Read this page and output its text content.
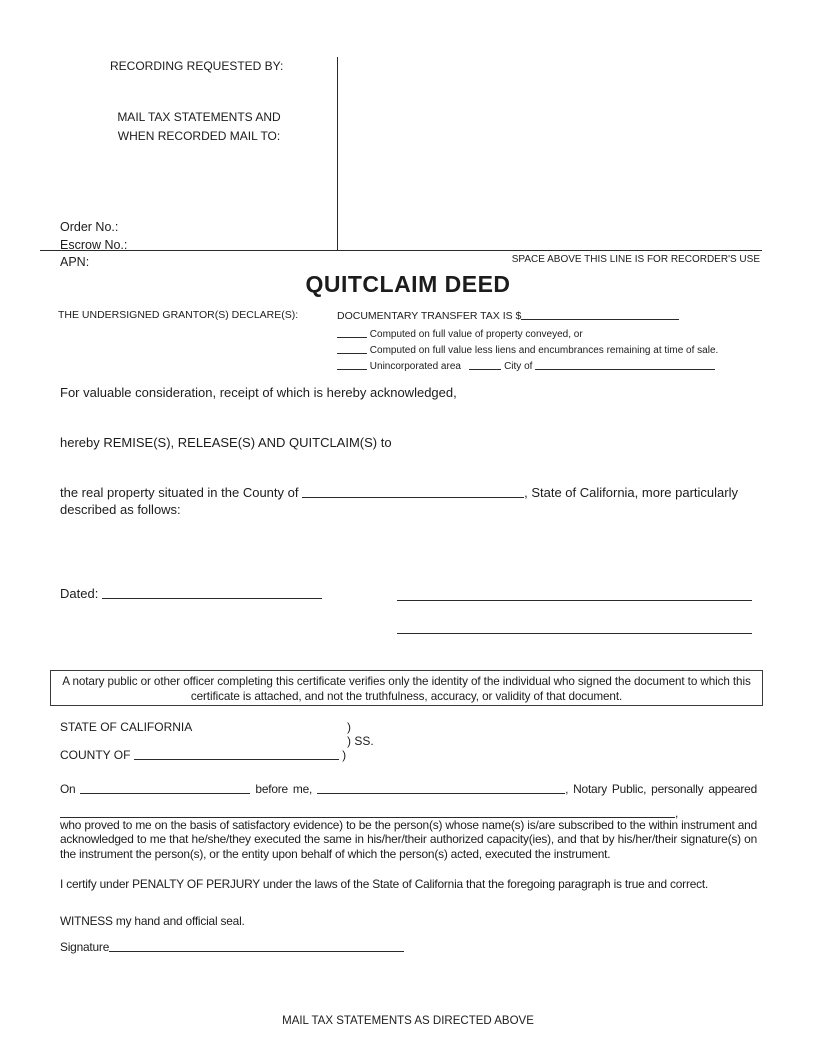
RECORDING REQUESTED BY:
MAIL TAX STATEMENTS AND
WHEN RECORDED MAIL TO:
Order No.:
Escrow No.:
APN:	SPACE ABOVE THIS LINE IS FOR RECORDER'S USE
QUITCLAIM DEED
THE UNDERSIGNED GRANTOR(S) DECLARE(S):	DOCUMENTARY TRANSFER TAX IS $
Computed on full value of property conveyed, or
Computed on full value less liens and encumbrances remaining at time of sale.
Unincorporated area	City of
For valuable consideration, receipt of which is hereby acknowledged,
hereby REMISE(S), RELEASE(S) AND QUITCLAIM(S) to
the real property situated in the County of	, State of California, more particularly described as follows:
Dated:
A notary public or other officer completing this certificate verifies only the identity of the individual who signed the document to which this certificate is attached, and not the truthfulness, accuracy, or validity of that document.
STATE OF CALIFORNIA	)
) SS.
COUNTY OF	)
On	before me,	, Notary Public, personally appeared ,
who proved to me on the basis of satisfactory evidence) to be the person(s) whose name(s) is/are subscribed to the within instrument and acknowledged to me that he/she/they executed the same in his/her/their authorized capacity(ies), and that by his/her/their signature(s) on the instrument the person(s), or the entity upon behalf of which the person(s) acted, executed the instrument.
I certify under PENALTY OF PERJURY under the laws of the State of California that the foregoing paragraph is true and correct.
WITNESS my hand and official seal.
Signature
MAIL TAX STATEMENTS AS DIRECTED ABOVE
